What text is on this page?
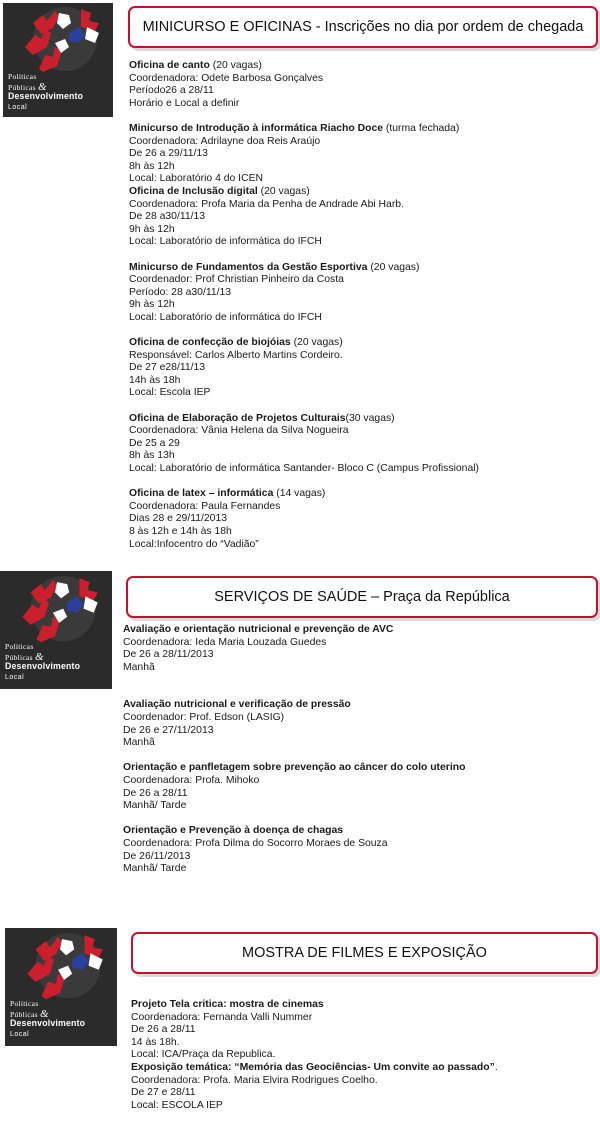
Políticas
Públicas &
Desenvolvimento
Local
MINICURSO E OFICINAS - Inscrições no dia por ordem de chegada
Oficina de canto (20 vagas)
Coordenadora: Odete Barbosa Gonçalves
Período26 a 28/11
Horário e Local a definir
Minicurso de Introdução à informática Riacho Doce (turma fechada)
Coordenadora: Adrilayne doa Reis Araújo
De 26 a 29/11/13
8h às 12h
Local: Laboratório 4 do ICEN
Oficina de Inclusão digital (20 vagas)
Coordenadora: Profa Maria da Penha de Andrade Abi Harb.
De 28 a30/11/13
9h às 12h
Local: Laboratório de informática do IFCH
Minicurso de Fundamentos da Gestão Esportiva (20 vagas)
Coordenador: Prof Christian Pinheiro da Costa
Período: 28 a30/11/13
9h às 12h
Local: Laboratório de informática do IFCH
Oficina de confecção de biojóias (20 vagas)
Responsável: Carlos Alberto Martins Cordeiro.
De 27 e28/11/13
14h às 18h
Local: Escola IEP
Oficina de Elaboração de Projetos Culturais(30 vagas)
Coordenadora: Vânia Helena da Silva Nogueira
De 25 a 29
8h às 13h
Local: Laboratório de informática Santander- Bloco C (Campus Profissional)
Oficina de latex – informática (14 vagas)
Coordenadora: Paula Fernandes
Dias 28 e 29/11/2013
8 às 12h e 14h às 18h
Local:Infocentro do “Vadião”
Políticas
Públicas &
Desenvolvimento
Local
SERVIÇOS DE SAÚDE – Praça da República
Avaliação e orientação nutricional e prevenção de AVC
Coordenadora: Ieda Maria Louzada Guedes
De 26 a 28/11/2013
Manhã
Avaliação nutricional e verificação de pressão
Coordenador: Prof. Edson (LASIG)
De 26 e 27/11/2013
Manhã
Orientação e panfletagem sobre prevenção ao câncer do colo uterino
Coordenadora: Profa. Mihoko
De 26 a 28/11
Manhã/ Tarde
Orientação e Prevenção à doença de chagas
Coordenadora: Profa Dilma do Socorro Moraes de Souza
De 26/11/2013
Manhã/ Tarde
Políticas
Públicas &
Desenvolvimento
Local
MOSTRA DE FILMES E EXPOSIÇÃO
Projeto Tela critica: mostra de cinemas
Coordenadora: Fernanda Valli Nummer
De 26 a 28/11
14 às 18h.
Local: ICA/Praça da Republica.
Exposição temática: “Memória das Geociências- Um convite ao passado”.
Coordenadora: Profa. Maria Elvira Rodrigues Coelho.
De 27 e 28/11
Local: ESCOLA IEP
